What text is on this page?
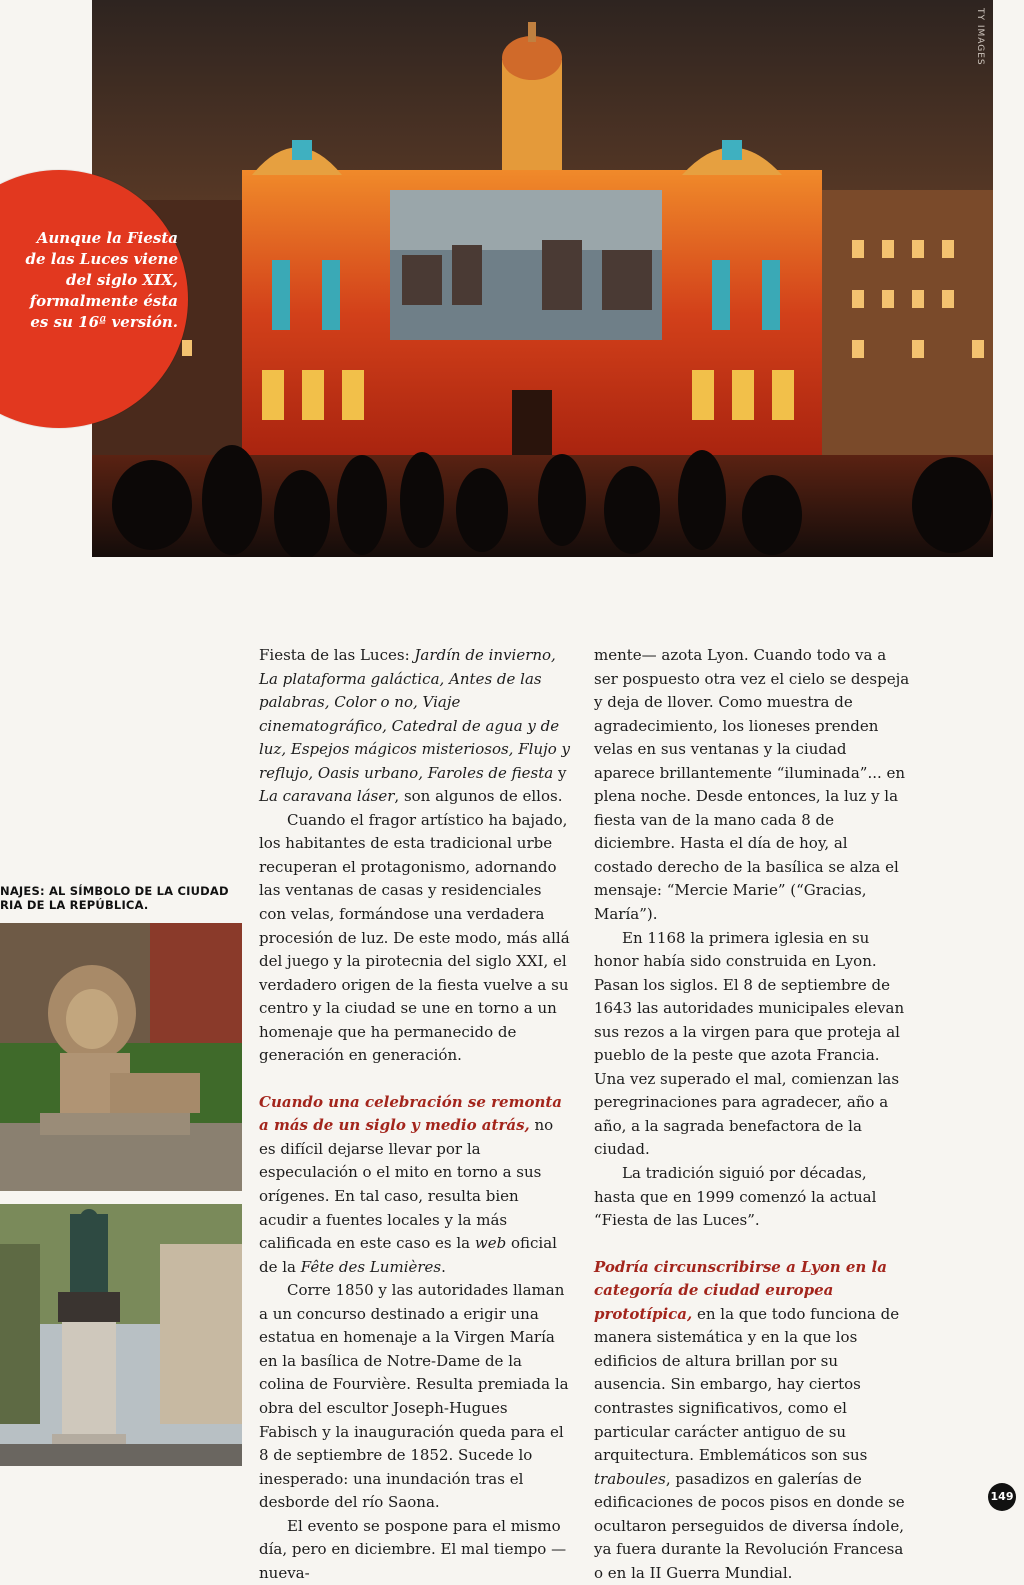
TY IMAGES
Aunque la Fiesta
de las Luces viene
del siglo XIX,
formalmente ésta
es su 16ª versión.
NAJES: AL SÍMBOLO DE LA CIUDAD
RIA DE LA REPÚBLICA.

Fiesta de las Luces: Jardín de invierno, La plataforma galáctica, Antes de las palabras, Color o no, Viaje cinematográfico, Catedral de agua y de luz, Espejos mágicos misteriosos, Flujo y reflujo, Oasis urbano, Faroles de fiesta y La caravana láser, son algunos de ellos.

Cuando el fragor artístico ha bajado, los habitantes de esta tradicional urbe recuperan el protagonismo, adornando las ventanas de casas y residenciales con velas, formándose una verdadera procesión de luz. De este modo, más allá del juego y la pirotecnia del siglo XXI, el verdadero origen de la fiesta vuelve a su centro y la ciudad se une en torno a un homenaje que ha permanecido de generación en generación.

Cuando una celebración se remonta a más de un siglo y medio atrás, no es difícil dejarse llevar por la especulación o el mito en torno a sus orígenes. En tal caso, resulta bien acudir a fuentes locales y la más calificada en este caso es la web oficial de la Fête des Lumières.

Corre 1850 y las autoridades llaman a un concurso destinado a erigir una estatua en homenaje a la Virgen María en la basílica de Notre-Dame de la colina de Fourvière. Resulta premiada la obra del escultor Joseph-Hugues Fabisch y la inauguración queda para el 8 de septiembre de 1852. Sucede lo inesperado: una inundación tras el desborde del río Saona.

El evento se pospone para el mismo día, pero en diciembre. El mal tiempo —nueva-

mente— azota Lyon. Cuando todo va a ser pospuesto otra vez el cielo se despeja y deja de llover. Como muestra de agradecimiento, los lioneses prenden velas en sus ventanas y la ciudad aparece brillantemente “iluminada”... en plena noche. Desde entonces, la luz y la fiesta van de la mano cada 8 de diciembre. Hasta el día de hoy, al costado derecho de la basílica se alza el mensaje: “Mercie Marie” (“Gracias, María”).

En 1168 la primera iglesia en su honor había sido construida en Lyon. Pasan los siglos. El 8 de septiembre de 1643 las autoridades municipales elevan sus rezos a la virgen para que proteja al pueblo de la peste que azota Francia. Una vez superado el mal, comienzan las peregrinaciones para agradecer, año a año, a la sagrada benefactora de la ciudad.

La tradición siguió por décadas, hasta que en 1999 comenzó la actual “Fiesta de las Luces”.

Podría circunscribirse a Lyon en la categoría de ciudad europea prototípica, en la que todo funciona de manera sistemática y en la que los edificios de altura brillan por su ausencia. Sin embargo, hay ciertos contrastes significativos, como el particular carácter antiguo de su arquitectura. Emblemáticos son sus traboules, pasadizos en galerías de edificaciones de pocos pisos en donde se ocultaron perseguidos de diversa índole, ya fuera durante la Revolución Francesa o en la II Guerra Mundial.

149
